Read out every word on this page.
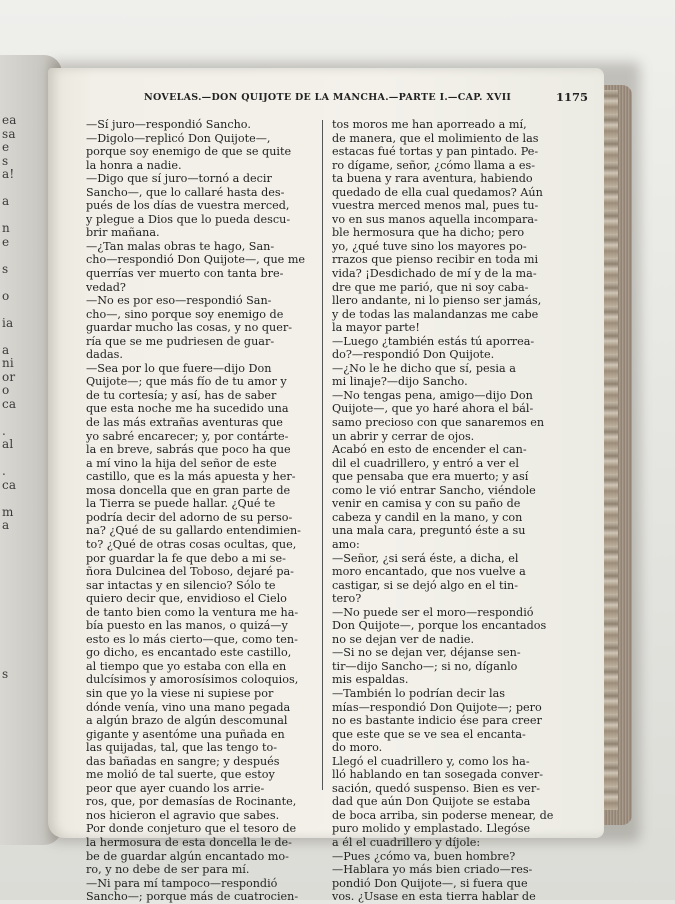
ea
sa
e
s
a!
a
n
e
s
o
ia
a
ni
or
o
ca
.
al
.
ca
m
a
s
NOVELAS.—DON QUIJOTE DE LA MANCHA.—PARTE I.—CAP. XVII	1175
—Sí juro—respondió Sancho.
—Digolo—replicó Don Quijote—,
porque soy enemigo de que se quite
la honra a nadie.
—Digo que sí juro—tornó a decir
Sancho—, que lo callaré hasta des-
pués de los días de vuestra merced,
y plegue a Dios que lo pueda descu-
brir mañana.
—¿Tan malas obras te hago, San-
cho—respondió Don Quijote—, que me
querrías ver muerto con tanta bre-
vedad?
—No es por eso—respondió San-
cho—, sino porque soy enemigo de
guardar mucho las cosas, y no quer-
ría que se me pudriesen de guar-
dadas.
—Sea por lo que fuere—dijo Don
Quijote—; que más fío de tu amor y
de tu cortesía; y así, has de saber
que esta noche me ha sucedido una
de las más extrañas aventuras que
yo sabré encarecer; y, por contárte-
la en breve, sabrás que poco ha que
a mí vino la hija del señor de este
castillo, que es la más apuesta y her-
mosa doncella que en gran parte de
la Tierra se puede hallar. ¿Qué te
podría decir del adorno de su perso-
na? ¿Qué de su gallardo entendimien-
to? ¿Qué de otras cosas ocultas, que,
por guardar la fe que debo a mi se-
ñora Dulcinea del Toboso, dejaré pa-
sar intactas y en silencio? Sólo te
quiero decir que, envidioso el Cielo
de tanto bien como la ventura me ha-
bía puesto en las manos, o quizá—y
esto es lo más cierto—que, como ten-
go dicho, es encantado este castillo,
al tiempo que yo estaba con ella en
dulcísimos y amorosísimos coloquios,
sin que yo la viese ni supiese por
dónde venía, vino una mano pegada
a algún brazo de algún descomunal
gigante y asentóme una puñada en
las quijadas, tal, que las tengo to-
das bañadas en sangre; y después
me molió de tal suerte, que estoy
peor que ayer cuando los arrie-
ros, que, por demasías de Rocinante,
nos hicieron el agravio que sabes.
Por donde conjeturo que el tesoro de
la hermosura de esta doncella le de-
be de guardar algún encantado mo-
ro, y no debe de ser para mí.
—Ni para mí tampoco—respondió
Sancho—; porque más de cuatrocien-
tos moros me han aporreado a mí,
de manera, que el molimiento de las
estacas fué tortas y pan pintado. Pe-
ro dígame, señor, ¿cómo llama a es-
ta buena y rara aventura, habiendo
quedado de ella cual quedamos? Aún
vuestra merced menos mal, pues tu-
vo en sus manos aquella incompara-
ble hermosura que ha dicho; pero
yo, ¿qué tuve sino los mayores po-
rrazos que pienso recibir en toda mi
vida? ¡Desdichado de mí y de la ma-
dre que me parió, que ni soy caba-
llero andante, ni lo pienso ser jamás,
y de todas las malandanzas me cabe
la mayor parte!
—Luego ¿también estás tú aporrea-
do?—respondió Don Quijote.
—¿No le he dicho que sí, pesia a
mi linaje?—dijo Sancho.
—No tengas pena, amigo—dijo Don
Quijote—, que yo haré ahora el bál-
samo precioso con que sanaremos en
un abrir y cerrar de ojos.
Acabó en esto de encender el can-
dil el cuadrillero, y entró a ver el
que pensaba que era muerto; y así
como le vió entrar Sancho, viéndole
venir en camisa y con su paño de
cabeza y candil en la mano, y con
una mala cara, preguntó éste a su
amo:
—Señor, ¿si será éste, a dicha, el
moro encantado, que nos vuelve a
castigar, si se dejó algo en el tin-
tero?
—No puede ser el moro—respondió
Don Quijote—, porque los encantados
no se dejan ver de nadie.
—Si no se dejan ver, déjanse sen-
tir—dijo Sancho—; si no, díganlo
mis espaldas.
—También lo podrían decir las
mías—respondió Don Quijote—; pero
no es bastante indicio ése para creer
que este que se ve sea el encanta-
do moro.
Llegó el cuadrillero y, como los ha-
lló hablando en tan sosegada conver-
sación, quedó suspenso. Bien es ver-
dad que aún Don Quijote se estaba
de boca arriba, sin poderse menear, de
puro molido y emplastado. Llegóse
a él el cuadrillero y díjole:
—Pues ¿cómo va, buen hombre?
—Hablara yo más bien criado—res-
pondió Don Quijote—, si fuera que
vos. ¿Usase en esta tierra hablar de
